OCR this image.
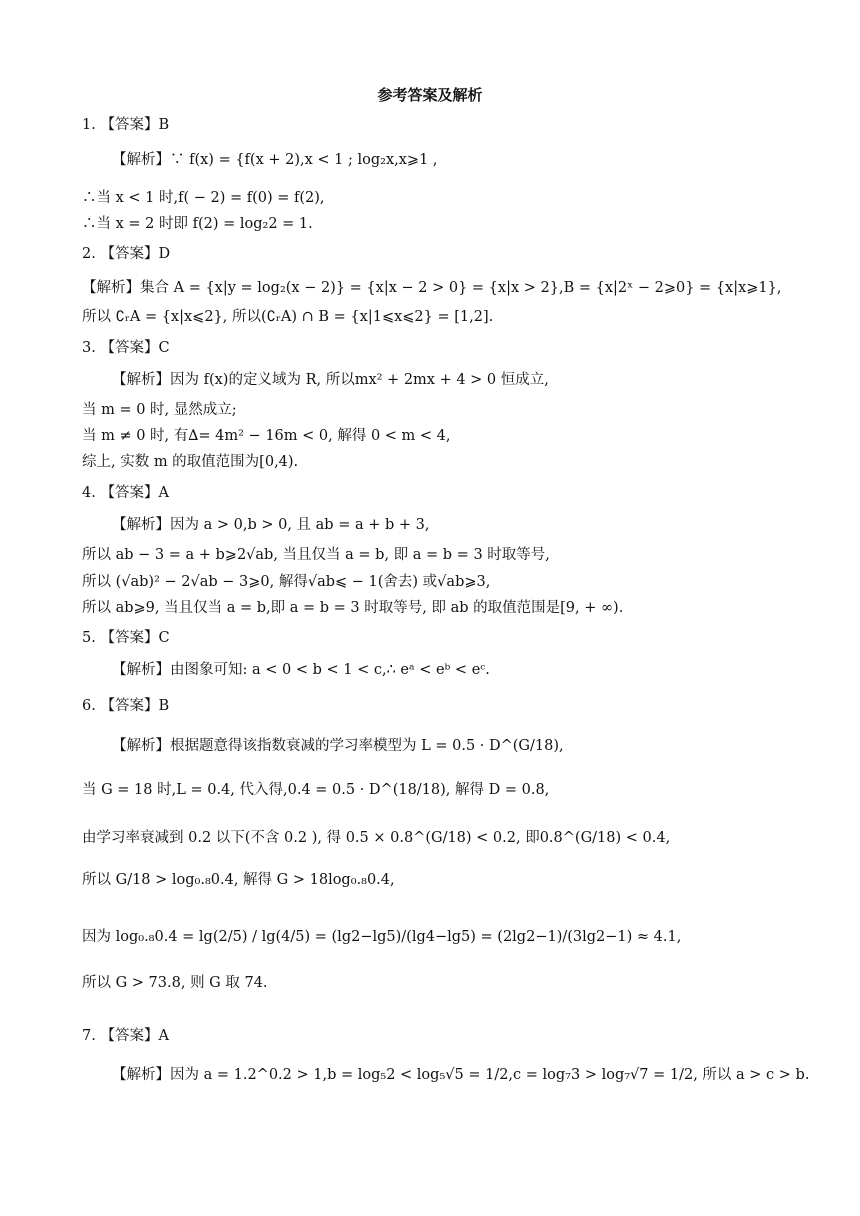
参考答案及解析
1. 【答案】B
【解析】∵ f(x) = {f(x + 2),x < 1 ; log₂x,x⩾1 ,
∴当 x < 1 时,f( − 2) = f(0) = f(2),
∴当 x = 2 时即 f(2) = log₂2 = 1.
2. 【答案】D
【解析】集合 A = {x|y = log₂(x − 2)} = {x|x − 2 > 0} = {x|x > 2},B = {x|2ˣ − 2⩾0} = {x|x⩾1},
所以 ∁ᵣA = {x|x⩽2}, 所以(∁ᵣA) ∩ B = {x|1⩽x⩽2} = [1,2].
3. 【答案】C
【解析】因为 f(x)的定义域为 R, 所以mx² + 2mx + 4 > 0 恒成立,
当 m = 0 时, 显然成立;
当 m ≠ 0 时, 有∆= 4m² − 16m < 0, 解得 0 < m < 4,
综上, 实数 m 的取值范围为[0,4).
4. 【答案】A
【解析】因为 a > 0,b > 0, 且 ab = a + b + 3,
所以 ab − 3 = a + b⩾2√ab, 当且仅当 a = b, 即 a = b = 3 时取等号,
所以 (√ab)² − 2√ab − 3⩾0, 解得√ab⩽ − 1(舍去) 或√ab⩾3,
所以 ab⩾9, 当且仅当 a = b,即 a = b = 3 时取等号, 即 ab 的取值范围是[9, + ∞).
5. 【答案】C
【解析】由图象可知: a < 0 < b < 1 < c,∴ eᵃ < eᵇ < eᶜ.
6. 【答案】B
【解析】根据题意得该指数衰减的学习率模型为 L = 0.5 · D^(G/18),
当 G = 18 时,L = 0.4, 代入得,0.4 = 0.5 · D^(18/18), 解得 D = 0.8,
由学习率衰减到 0.2 以下(不含 0.2 ), 得 0.5 × 0.8^(G/18) < 0.2, 即0.8^(G/18) < 0.4,
所以 G/18 > log₀.₈0.4, 解得 G > 18log₀.₈0.4,
因为 log₀.₈0.4 = lg(2/5) / lg(4/5) = (lg2−lg5)/(lg4−lg5) = (2lg2−1)/(3lg2−1) ≈ 4.1,
所以 G > 73.8, 则 G 取 74.
7. 【答案】A
【解析】因为 a = 1.2^0.2 > 1,b = log₅2 < log₅√5 = 1/2,c = log₇3 > log₇√7 = 1/2, 所以 a > c > b.
